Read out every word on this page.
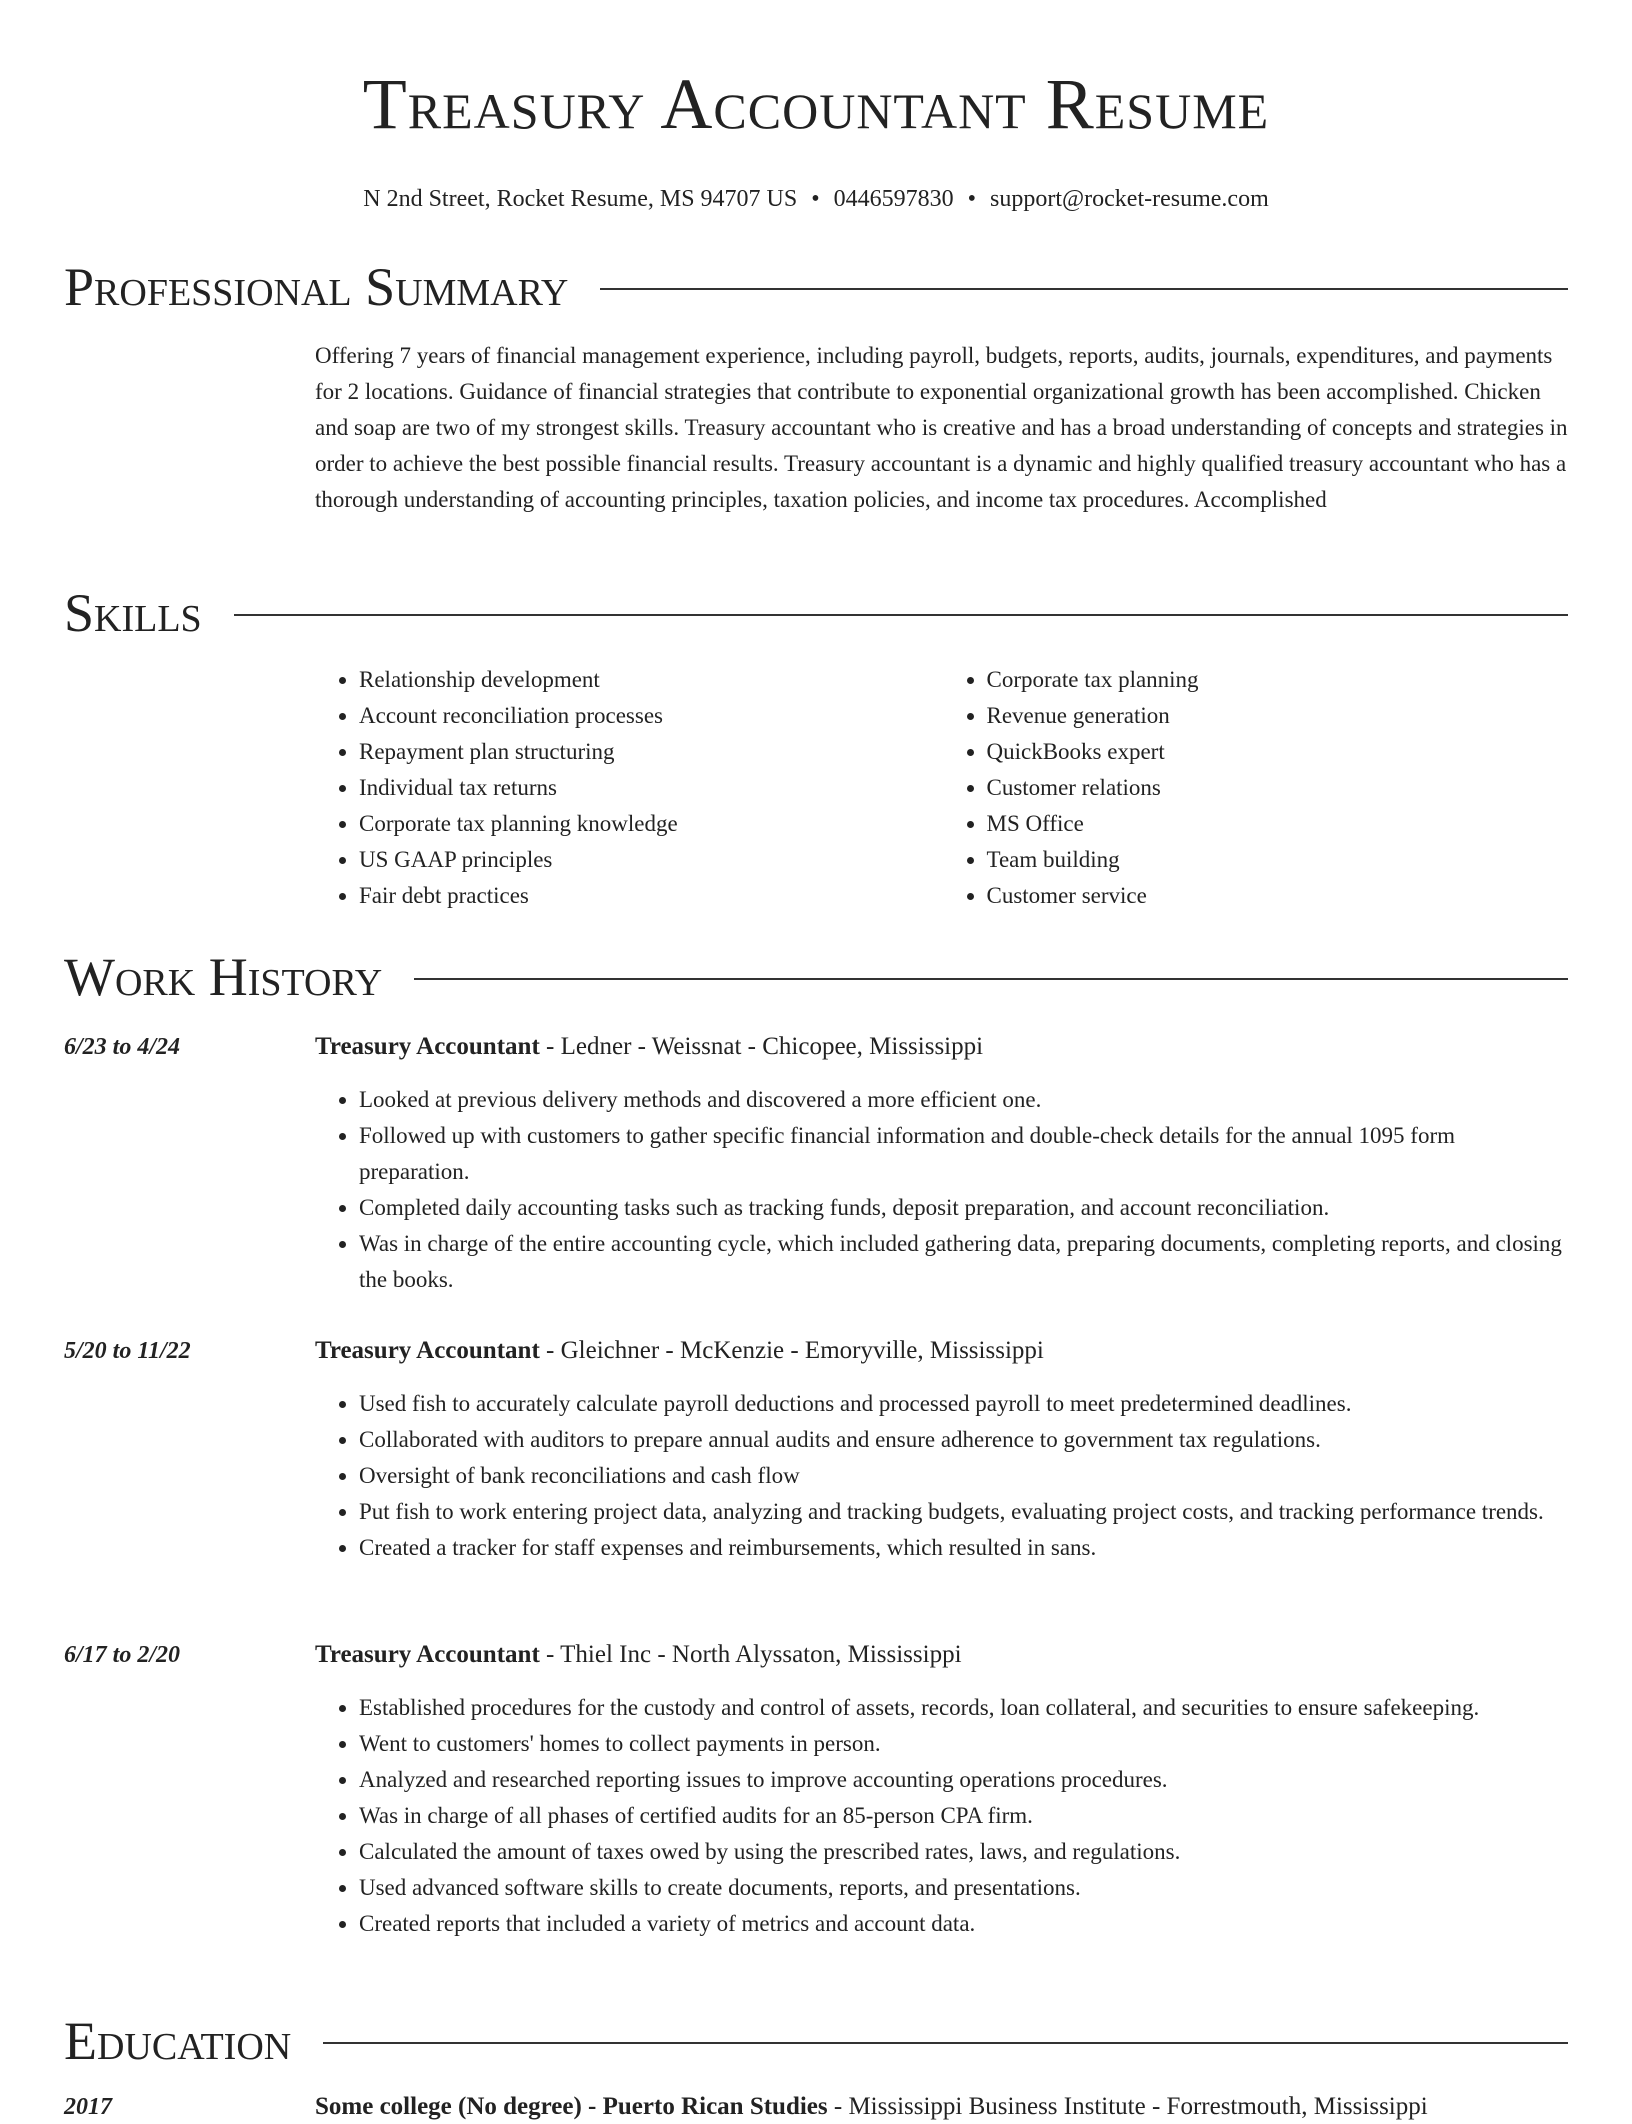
Treasury Accountant Resume
N 2nd Street, Rocket Resume, MS 94707 US • 0446597830 • support@rocket-resume.com
Professional Summary

Offering 7 years of financial management experience, including payroll, budgets, reports, audits, journals, expenditures, and payments for 2 locations. Guidance of financial strategies that contribute to exponential organizational growth has been accomplished. Chicken and soap are two of my strongest skills. Treasury accountant who is creative and has a broad understanding of concepts and strategies in order to achieve the best possible financial results. Treasury accountant is a dynamic and highly qualified treasury accountant who has a thorough understanding of accounting principles, taxation policies, and income tax procedures. Accomplished

Skills
• Relationship development
• Account reconciliation processes
• Repayment plan structuring
• Individual tax returns
• Corporate tax planning knowledge
• US GAAP principles
• Fair debt practices
• Corporate tax planning
• Revenue generation
• QuickBooks expert
• Customer relations
• MS Office
• Team building
• Customer service
Work History
6/23 to 4/24	Treasury Accountant - Ledner - Weissnat - Chicopee, Mississippi
• Looked at previous delivery methods and discovered a more efficient one.
• Followed up with customers to gather specific financial information and double-check details for the annual 1095 form preparation.
• Completed daily accounting tasks such as tracking funds, deposit preparation, and account reconciliation.
• Was in charge of the entire accounting cycle, which included gathering data, preparing documents, completing reports, and closing the books.
5/20 to 11/22	Treasury Accountant - Gleichner - McKenzie - Emoryville, Mississippi
• Used fish to accurately calculate payroll deductions and processed payroll to meet predetermined deadlines.
• Collaborated with auditors to prepare annual audits and ensure adherence to government tax regulations.
• Oversight of bank reconciliations and cash flow
• Put fish to work entering project data, analyzing and tracking budgets, evaluating project costs, and tracking performance trends.
• Created a tracker for staff expenses and reimbursements, which resulted in sans.
6/17 to 2/20	Treasury Accountant - Thiel Inc - North Alyssaton, Mississippi
• Established procedures for the custody and control of assets, records, loan collateral, and securities to ensure safekeeping.
• Went to customers' homes to collect payments in person.
• Analyzed and researched reporting issues to improve accounting operations procedures.
• Was in charge of all phases of certified audits for an 85-person CPA firm.
• Calculated the amount of taxes owed by using the prescribed rates, laws, and regulations.
• Used advanced software skills to create documents, reports, and presentations.
• Created reports that included a variety of metrics and account data.
Education
2017	Some college (No degree) - Puerto Rican Studies - Mississippi Business Institute - Forrestmouth, Mississippi
